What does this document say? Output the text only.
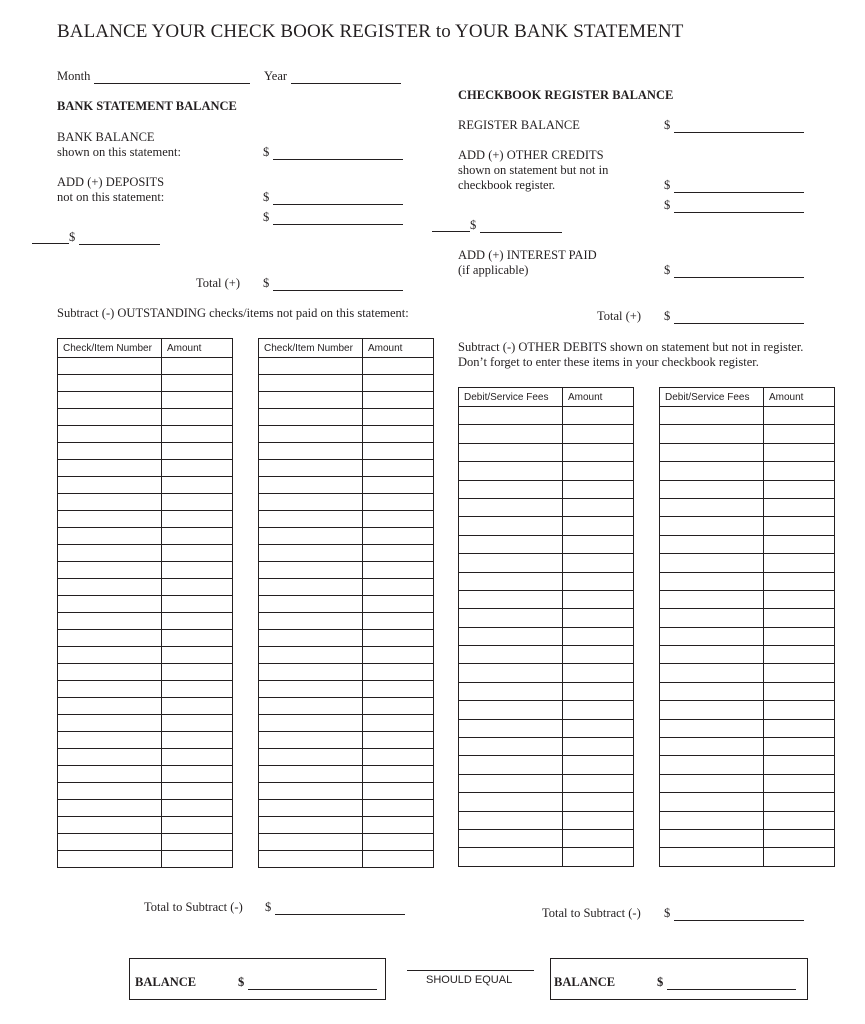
BALANCE YOUR CHECK BOOK REGISTER to YOUR BANK STATEMENT
Month	Year
BANK STATEMENT BALANCE
BANK BALANCE
shown on this statement:	$
ADD (+) DEPOSITS
not on this statement:	$
$
$
Total (+) $
Subtract (-) OUTSTANDING checks/items not paid on this statement:
Check/Item Number	Amount

		Check/Item Number	Amount

Total to Subtract (-) $
CHECKBOOK REGISTER BALANCE
REGISTER BALANCE	$
ADD (+) OTHER CREDITS
shown on statement but not in
checkbook register.	$
$
$
ADD (+) INTEREST PAID
(if applicable)	$
Total (+) $
Subtract (-) OTHER DEBITS shown on statement but not in register.
Don’t forget to enter these items in your checkbook register.
Debit/Service Fees	Amount

		Debit/Service Fees	Amount

Total to Subtract (-) $
BALANCE	$	SHOULD EQUAL	BALANCE	$
